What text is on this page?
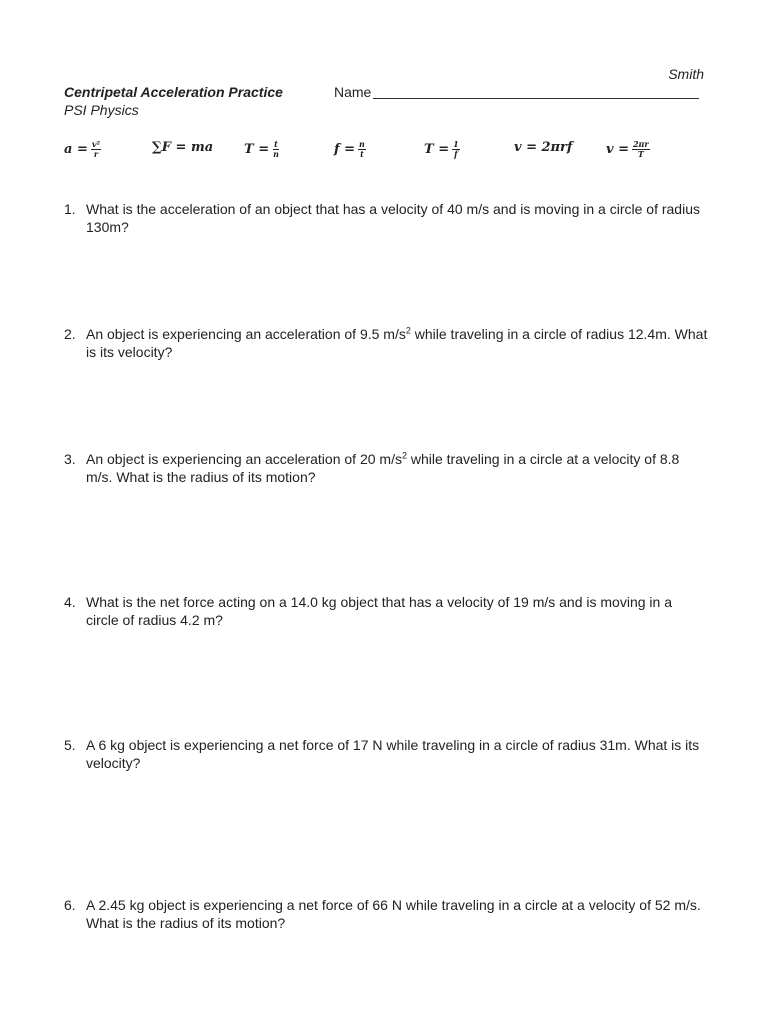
Smith
Centripetal Acceleration Practice	Name
PSI Physics
$a = \frac{\text{v²}}{r}$	∑F = ma $T = \frac{t}{n}$	$f = \frac{n}{t}$	$T = \frac{1}{f}$	v = 2πrf	$v = \frac{2\pi r}{T}$
1. What is the acceleration of an object that has a velocity of 40 m/s and is moving in a circle of radius 130m?
2. An object is experiencing an acceleration of 9.5 $m/s^2$ while traveling in a circle of radius 12.4m. What is its velocity?
3. An object is experiencing an acceleration of 20 $m/s^2$ while traveling in a circle at a velocity of 8.8 m/s. What is the radius of its motion?
4. What is the net force acting on a 14.0 kg object that has a velocity of 19 m/s and is moving in a circle of radius 4.2 m?
5. A 6 kg object is experiencing a net force of 17 N while traveling in a circle of radius 31m. What is its velocity?
6. A 2.45 kg object is experiencing a net force of 66 N while traveling in a circle at a velocity of 52 m/s. What is the radius of its motion?
